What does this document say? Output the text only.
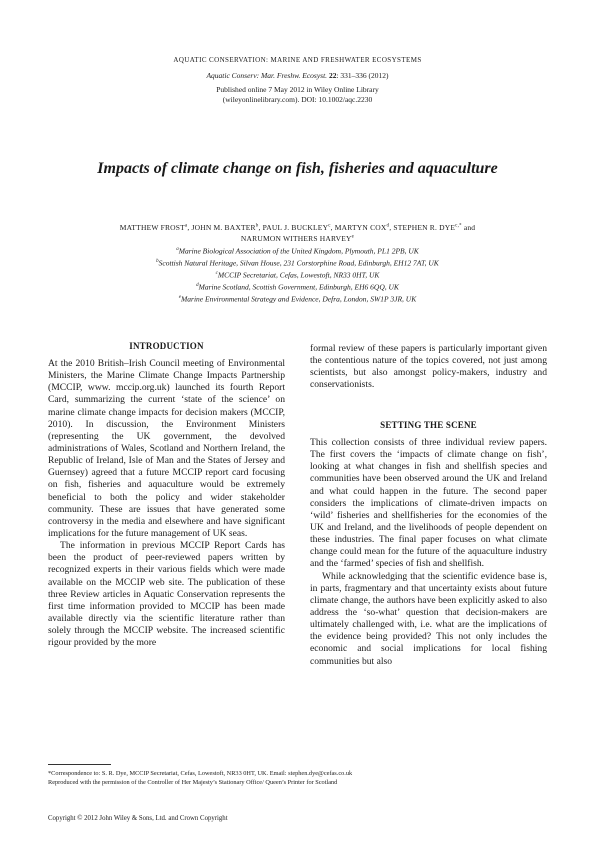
AQUATIC CONSERVATION: MARINE AND FRESHWATER ECOSYSTEMS
Aquatic Conserv: Mar. Freshw. Ecosyst. 22: 331–336 (2012)
Published online 7 May 2012 in Wiley Online Library
(wileyonlinelibrary.com). DOI: 10.1002/aqc.2230
Impacts of climate change on fish, fisheries and aquaculture
MATTHEW FROST$^a$, JOHN M. BAXTER$^b$, PAUL J. BUCKLEY$^c$, MARTYN COX$^d$, STEPHEN R. $DYE^{c,*}$ and
NARUMON WITHERS HARVEY$^e$
$^a$Marine Biological Association of the United Kingdom, Plymouth, PL1 2PB, UK
$^b$Scottish Natural Heritage, Silvan House, 231 Corstorphine Road, Edinburgh, EH12 7AT, UK
$^c$MCCIP Secretariat, Cefas, Lowestoft, NR33 0HT, UK
$^d$Marine Scotland, Scottish Government, Edinburgh, EH6 6QQ, UK
$^e$Marine Environmental Strategy and Evidence, Defra, London, SW1P 3JR, UK
INTRODUCTION

At the 2010 British–Irish Council meeting of Environmental Ministers, the Marine Climate Change Impacts Partnership (MCCIP, www. mccip.org.uk) launched its fourth Report Card, summarizing the current ‘state of the science’ on marine climate change impacts for decision makers (MCCIP, 2010). In discussion, the Environment Ministers (representing the UK government, the devolved administrations of Wales, Scotland and Northern Ireland, the Republic of Ireland, Isle of Man and the States of Jersey and Guernsey) agreed that a future MCCIP report card focusing on fish, fisheries and aquaculture would be extremely beneficial to both the policy and wider stakeholder community. These are issues that have generated some controversy in the media and elsewhere and have significant implications for the future management of UK seas.

The information in previous MCCIP Report Cards has been the product of peer-reviewed papers written by recognized experts in their various fields which were made available on the MCCIP web site. The publication of these three Review articles in Aquatic Conservation represents the first time information provided to MCCIP has been made available directly via the scientific literature rather than solely through the MCCIP website. The increased scientific rigour provided by the more

formal review of these papers is particularly important given the contentious nature of the topics covered, not just among scientists, but also amongst policy-makers, industry and conservationists.

SETTING THE SCENE

This collection consists of three individual review papers. The first covers the ‘impacts of climate change on fish’, looking at what changes in fish and shellfish species and communities have been observed around the UK and Ireland and what could happen in the future. The second paper considers the implications of climate-driven impacts on ‘wild’ fisheries and shellfisheries for the economies of the UK and Ireland, and the livelihoods of people dependent on these industries. The final paper focuses on what climate change could mean for the future of the aquaculture industry and the ‘farmed’ species of fish and shellfish.

While acknowledging that the scientific evidence base is, in parts, fragmentary and that uncertainty exists about future climate change, the authors have been explicitly asked to also address the ‘so-what’ question that decision-makers are ultimately challenged with, i.e. what are the implications of the evidence being provided? This not only includes the economic and social implications for local fishing communities but also

*Correspondence to: S. R. Dye, MCCIP Secretariat, Cefas, Lowestoft, NR33 0HT, UK. Email: stephen.dye@cefas.co.uk
Reproduced with the permission of the Controller of Her Majesty’s Stationary Office/ Queen’s Printer for Scotland
Copyright © 2012 John Wiley & Sons, Ltd. and Crown Copyright
